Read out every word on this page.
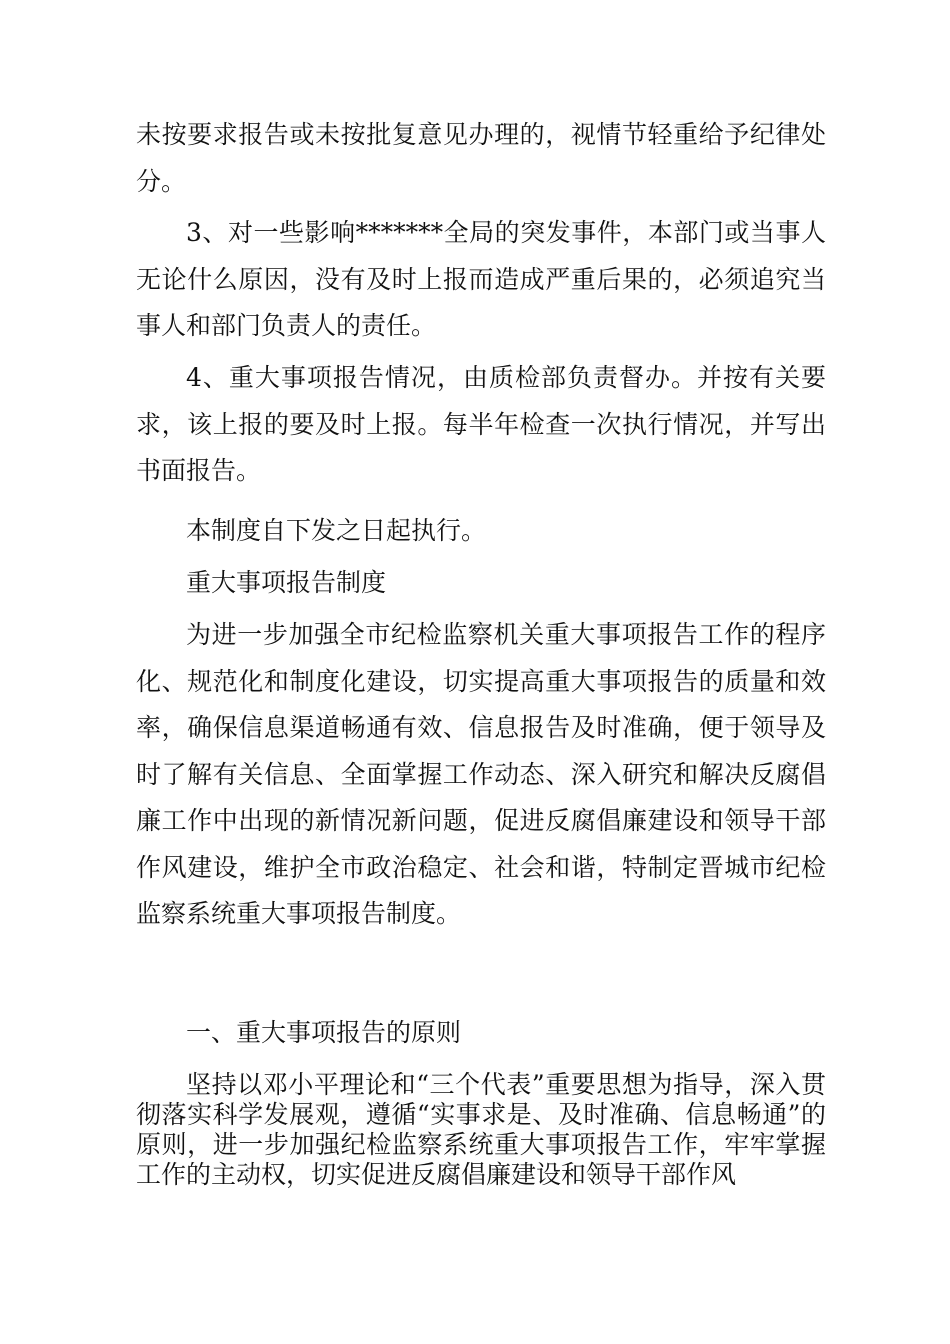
未按要求报告或未按批复意见办理的，视情节轻重给予纪律处分。

3、对一些影响*******全局的突发事件，本部门或当事人无论什么原因，没有及时上报而造成严重后果的，必须追究当事人和部门负责人的责任。

4、重大事项报告情况，由质检部负责督办。并按有关要求，该上报的要及时上报。每半年检查一次执行情况，并写出书面报告。

本制度自下发之日起执行。

重大事项报告制度

为进一步加强全市纪检监察机关重大事项报告工作的程序化、规范化和制度化建设，切实提高重大事项报告的质量和效率，确保信息渠道畅通有效、信息报告及时准确，便于领导及时了解有关信息、全面掌握工作动态、深入研究和解决反腐倡廉工作中出现的新情况新问题，促进反腐倡廉建设和领导干部作风建设，维护全市政治稳定、社会和谐，特制定晋城市纪检监察系统重大事项报告制度。

一、重大事项报告的原则

坚持以邓小平理论和“三个代表”重要思想为指导，深入贯彻落实科学发展观，遵循“实事求是、及时准确、信息畅通”的原则，进一步加强纪检监察系统重大事项报告工作，牢牢掌握工作的主动权，切实促进反腐倡廉建设和领导干部作风
